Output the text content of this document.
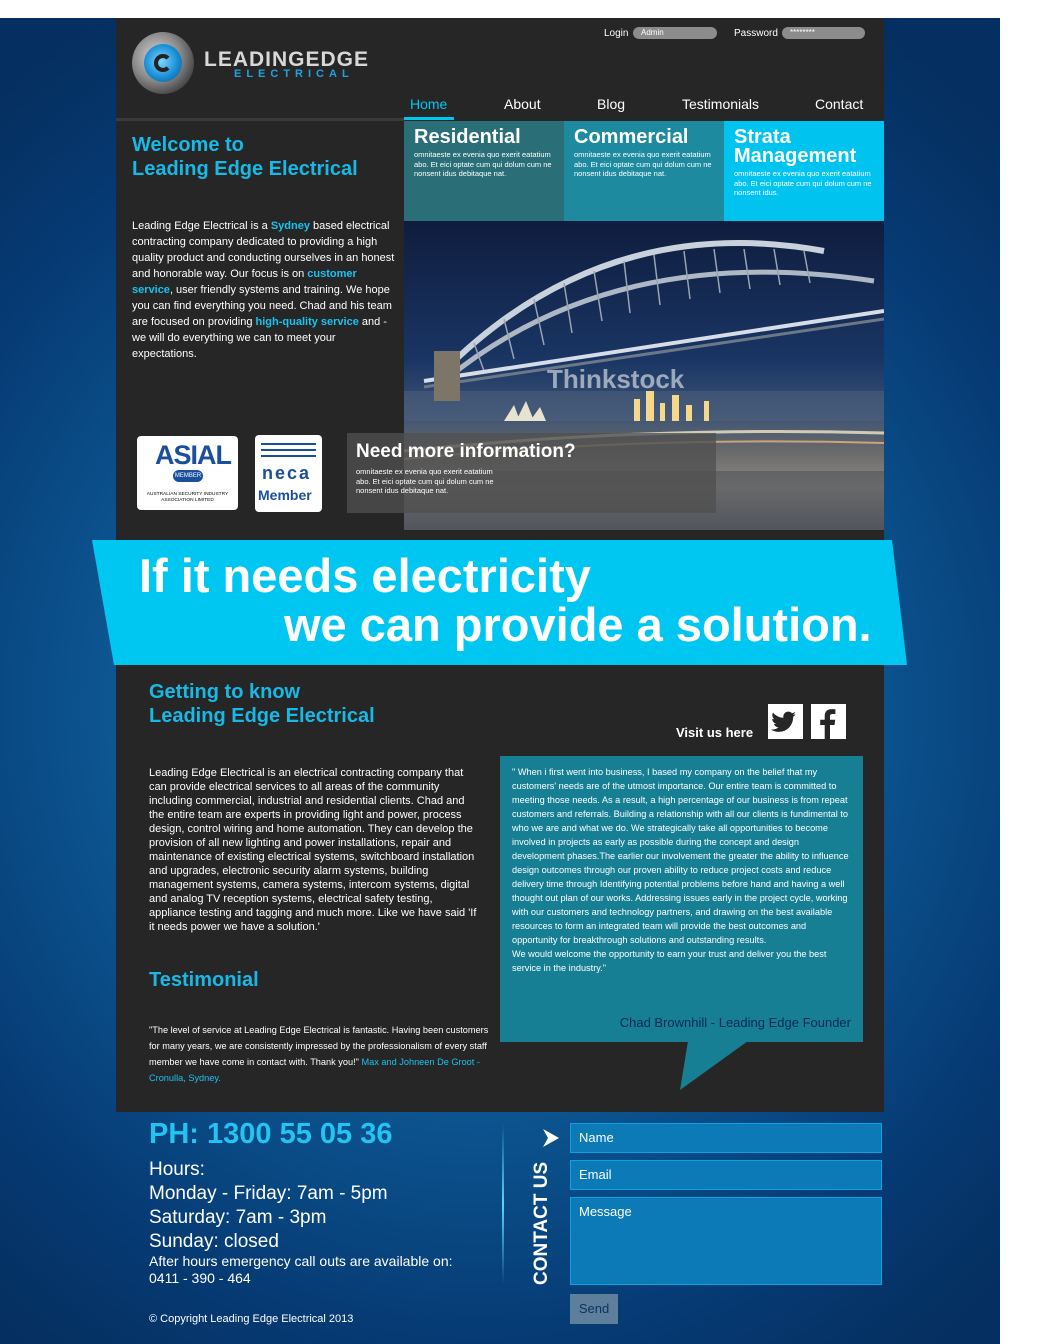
LEADINGEDGE
ELECTRICAL
Login	Admin	Password	********
Home	About	Blog	Testimonials	Contact
Residential

omnitaeste ex evenia quo exerit eatatium abo. Et eici optate cum qui dolum cum ne nonsent idus debitaque nat.

Commercial

omnitaeste ex evenia quo exerit eatatium abo. Et eici optate cum qui dolum cum ne nonsent idus debitaque nat.

Strata Management

omnitaeste ex evenia quo exerit eatatium abo. Et eici optate cum qui dolum cum ne nonsent idus.

Welcome to
Leading Edge Electrical
Leading Edge Electrical is a Sydney based electrical contracting company dedicated to providing a high quality product and conducting ourselves in an honest and honorable way. Our focus is on customer service, user friendly systems and training. We hope you can find everything you need. Chad and his team are focused on providing high-quality service and - we will do everything we can to meet your expectations.
Thinkstock
ASIAL
MEMBER
AUSTRALIAN SECURITY INDUSTRY ASSOCIATION LIMITED
neca
Member
Need more information?

omnitaeste ex evenia quo exerit eatatium abo. Et eici optate cum qui dolum cum ne nonsent idus debitaque nat.

If it needs electricity
we can provide a solution.
Getting to know
Leading Edge Electrical
Visit us here
Leading Edge Electrical is an electrical contracting company that can provide electrical services to all areas of the community including commercial, industrial and residential clients. Chad and the entire team are experts in providing light and power, process design, control wiring and home automation. They can develop the provision of all new lighting and power installations, repair and maintenance of existing electrical systems, switchboard installation and upgrades, electronic security alarm systems, building management systems, camera systems, intercom systems, digital and analog TV reception systems, electrical safety testing, appliance testing and tagging and much more. Like we have said 'If it needs power we have a solution.'
Testimonial
"The level of service at Leading Edge Electrical is fantastic. Having been customers for many years, we are consistently impressed by the professionalism of every staff member we have come in contact with. Thank you!" Max and Johneen De Groot - Cronulla, Sydney.
" When i first went into business, I based my company on the belief that my customers' needs are of the utmost importance. Our entire team is committed to meeting those needs. As a result, a high percentage of our business is from repeat customers and referrals. Building a relationship with all our clients is fundimental to who we are and what we do. We strategically take all opportunities to become involved in projects as early as possible during the concept and design development phases.The earlier our involvement the greater the ability to influence design outcomes through our proven ability to reduce project costs and reduce delivery time through Identifying potential problems before hand and having a well thought out plan of our works. Addressing issues early in the project cycle, working with our customers and technology partners, and drawing on the best available resources to form an integrated team will provide the best outcomes and opportunity for breakthrough solutions and outstanding results.
We would welcome the opportunity to earn your trust and deliver you the best service in the industry."
Chad Brownhill - Leading Edge Founder
PH: 1300 55 05 36
Hours:
Monday - Friday: 7am - 5pm
Saturday: 7am - 3pm
Sunday: closed
After hours emergency call outs are available on:
0411 - 390 - 464	CONTACT US
Name
Email
Message
Send
© Copyright Leading Edge Electrical 2013
